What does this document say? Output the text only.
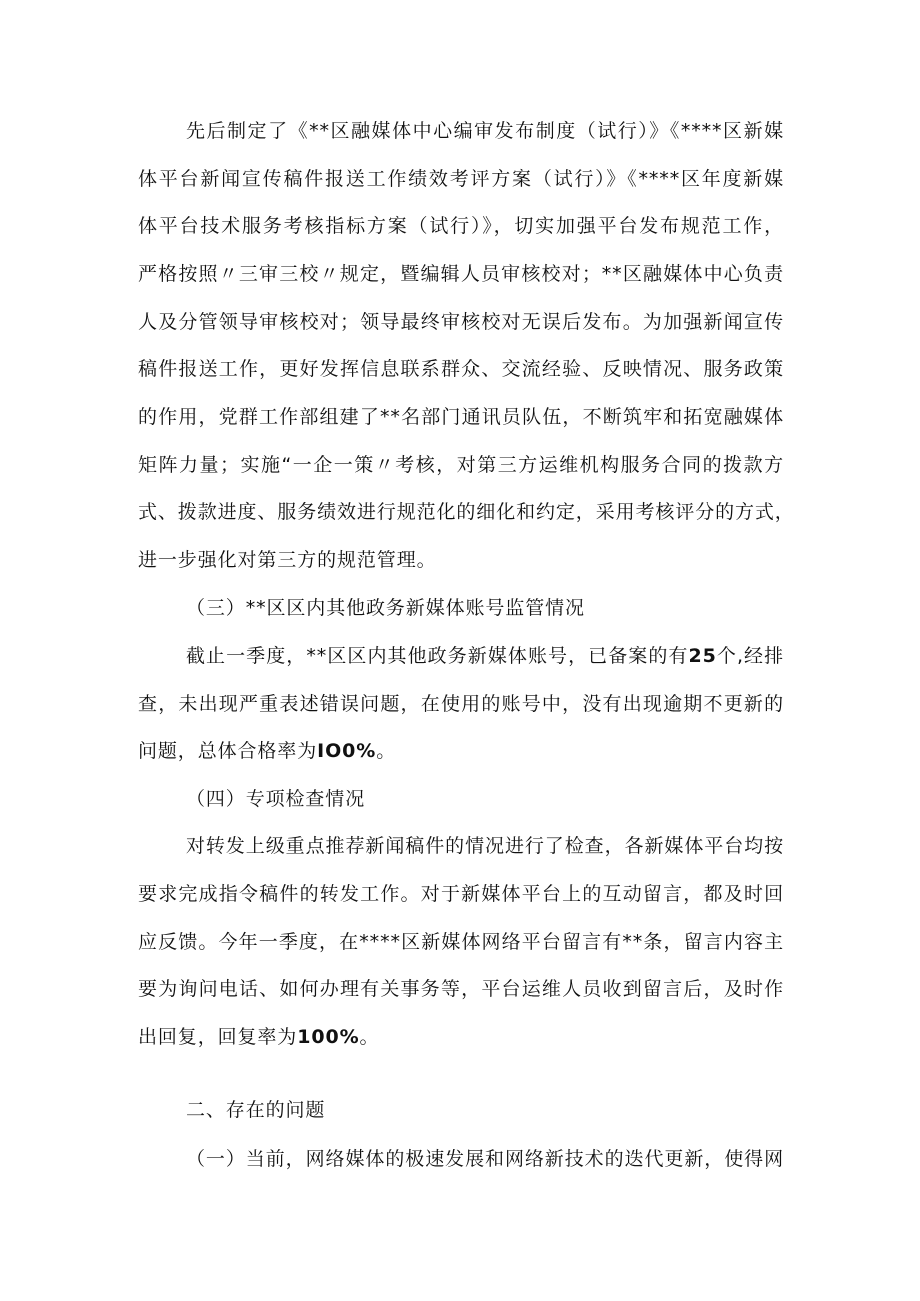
先后制定了《**区融媒体中心编审发布制度（试行）》《****区新媒
体平台新闻宣传稿件报送工作绩效考评方案（试行）》《****区年度新媒
体平台技术服务考核指标方案（试行）》，切实加强平台发布规范工作，
严格按照〃三审三校〃规定，暨编辑人员审核校对；**区融媒体中心负责
人及分管领导审核校对；领导最终审核校对无误后发布。为加强新闻宣传
稿件报送工作，更好发挥信息联系群众、交流经验、反映情况、服务政策
的作用，党群工作部组建了**名部门通讯员队伍，不断筑牢和拓宽融媒体
矩阵力量；实施“一企一策〃考核，对第三方运维机构服务合同的拨款方
式、拨款进度、服务绩效进行规范化的细化和约定，采用考核评分的方式，
进一步强化对第三方的规范管理。
（三）**区区内其他政务新媒体账号监管情况
截止一季度，**区区内其他政务新媒体账号，已备案的有25个,经排
查，未出现严重表述错误问题，在使用的账号中，没有出现逾期不更新的
问题，总体合格率为IO0%。
（四）专项检查情况
对转发上级重点推荐新闻稿件的情况进行了检查，各新媒体平台均按
要求完成指令稿件的转发工作。对于新媒体平台上的互动留言，都及时回
应反馈。今年一季度，在****区新媒体网络平台留言有**条，留言内容主
要为询问电话、如何办理有关事务等，平台运维人员收到留言后，及时作
出回复，回复率为100%。
二、存在的问题
（一）当前，网络媒体的极速发展和网络新技术的迭代更新，使得网
